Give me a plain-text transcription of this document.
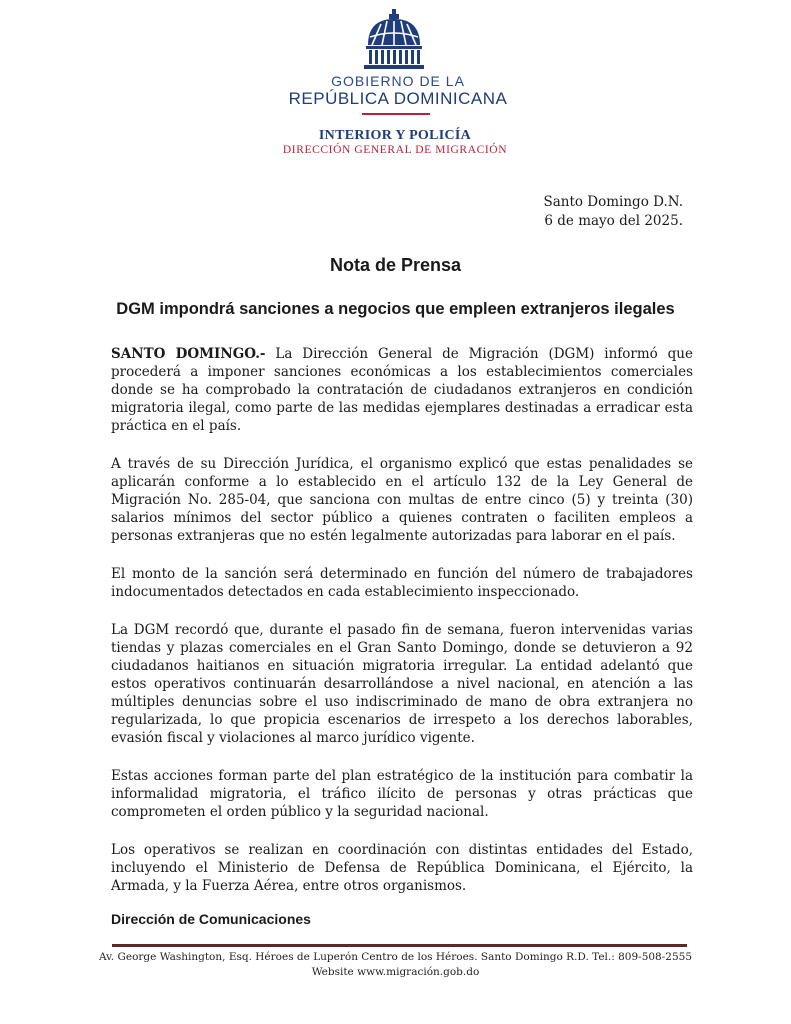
GOBIERNO DE LA
REPÚBLICA DOMINICANA
INTERIOR Y POLICÍA
DIRECCIÓN GENERAL DE MIGRACIÓN
Santo Domingo D.N.
6 de mayo del 2025.
Nota de Prensa
DGM impondrá sanciones a negocios que empleen extranjeros ilegales

SANTO DOMINGO.- La Dirección General de Migración (DGM) informó que procederá a imponer sanciones económicas a los establecimientos comerciales donde se ha comprobado la contratación de ciudadanos extranjeros en condición migratoria ilegal, como parte de las medidas ejemplares destinadas a erradicar esta práctica en el país.

A través de su Dirección Jurídica, el organismo explicó que estas penalidades se aplicarán conforme a lo establecido en el artículo 132 de la Ley General de Migración No. 285-04, que sanciona con multas de entre cinco (5) y treinta (30) salarios mínimos del sector público a quienes contraten o faciliten empleos a personas extranjeras que no estén legalmente autorizadas para laborar en el país.

El monto de la sanción será determinado en función del número de trabajadores indocumentados detectados en cada establecimiento inspeccionado.

La DGM recordó que, durante el pasado fin de semana, fueron intervenidas varias tiendas y plazas comerciales en el Gran Santo Domingo, donde se detuvieron a 92 ciudadanos haitianos en situación migratoria irregular. La entidad adelantó que estos operativos continuarán desarrollándose a nivel nacional, en atención a las múltiples denuncias sobre el uso indiscriminado de mano de obra extranjera no regularizada, lo que propicia escenarios de irrespeto a los derechos laborables, evasión fiscal y violaciones al marco jurídico vigente.

Estas acciones forman parte del plan estratégico de la institución para combatir la informalidad migratoria, el tráfico ilícito de personas y otras prácticas que comprometen el orden público y la seguridad nacional.

Los operativos se realizan en coordinación con distintas entidades del Estado, incluyendo el Ministerio de Defensa de República Dominicana, el Ejército, la Armada, y la Fuerza Aérea, entre otros organismos.

Dirección de Comunicaciones
Av. George Washington, Esq. Héroes de Luperón Centro de los Héroes. Santo Domingo R.D. Tel.: 809-508-2555
Website www.migración.gob.do
